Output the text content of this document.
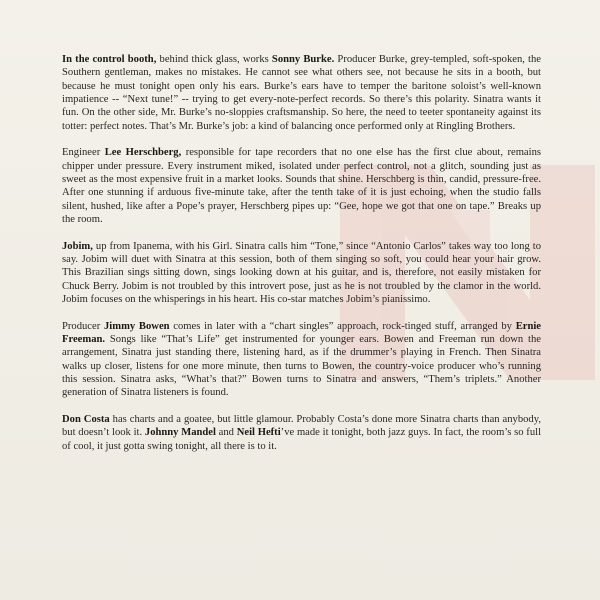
In the control booth, behind thick glass, works Sonny Burke. Producer Burke, grey-templed, soft-spoken, the Southern gentleman, makes no mistakes. He cannot see what others see, not because he sits in a booth, but because he must tonight open only his ears. Burke’s ears have to temper the baritone soloist’s well-known impatience -- “Next tune!” -- trying to get every-note-perfect records. So there’s this polarity. Sinatra wants it fun. On the other side, Mr. Burke’s no-sloppies craftsmanship. So here, the need to teeter spontaneity against its totter: perfect notes. That’s Mr. Burke’s job: a kind of balancing once performed only at Ringling Brothers.

Engineer Lee Herschberg, responsible for tape recorders that no one else has the first clue about, remains chipper under pressure. Every instrument miked, isolated under perfect control, not a glitch, sounding just as sweet as the most expensive fruit in a market looks. Sounds that shine. Herschberg is thin, candid, pressure-free. After one stunning if arduous five-minute take, after the tenth take of it is just echoing, when the studio falls silent, hushed, like after a Pope’s prayer, Herschberg pipes up: “Gee, hope we got that one on tape.” Breaks up the room.

Jobim, up from Ipanema, with his Girl. Sinatra calls him “Tone,” since “Antonio Carlos” takes way too long to say. Jobim will duet with Sinatra at this session, both of them singing so soft, you could hear your hair grow. This Brazilian sings sitting down, sings looking down at his guitar, and is, therefore, not easily mistaken for Chuck Berry. Jobim is not troubled by this introvert pose, just as he is not troubled by the clamor in the world. Jobim focuses on the whisperings in his heart. His co-star matches Jobim’s pianissimo.

Producer Jimmy Bowen comes in later with a “chart singles” approach, rock-tinged stuff, arranged by Ernie Freeman. Songs like “That’s Life” get instrumented for younger ears. Bowen and Freeman run down the arrangement, Sinatra just standing there, listening hard, as if the drummer’s playing in French. Then Sinatra walks up closer, listens for one more minute, then turns to Bowen, the country-voice producer who’s running this session. Sinatra asks, “What’s that?” Bowen turns to Sinatra and answers, “Them’s triplets.” Another generation of Sinatra listeners is found.

Don Costa has charts and a goatee, but little glamour. Probably Costa’s done more Sinatra charts than anybody, but doesn’t look it. Johnny Mandel and Neil Hefti’ve made it tonight, both jazz guys. In fact, the room’s so full of cool, it just gotta swing tonight, all there is to it.
